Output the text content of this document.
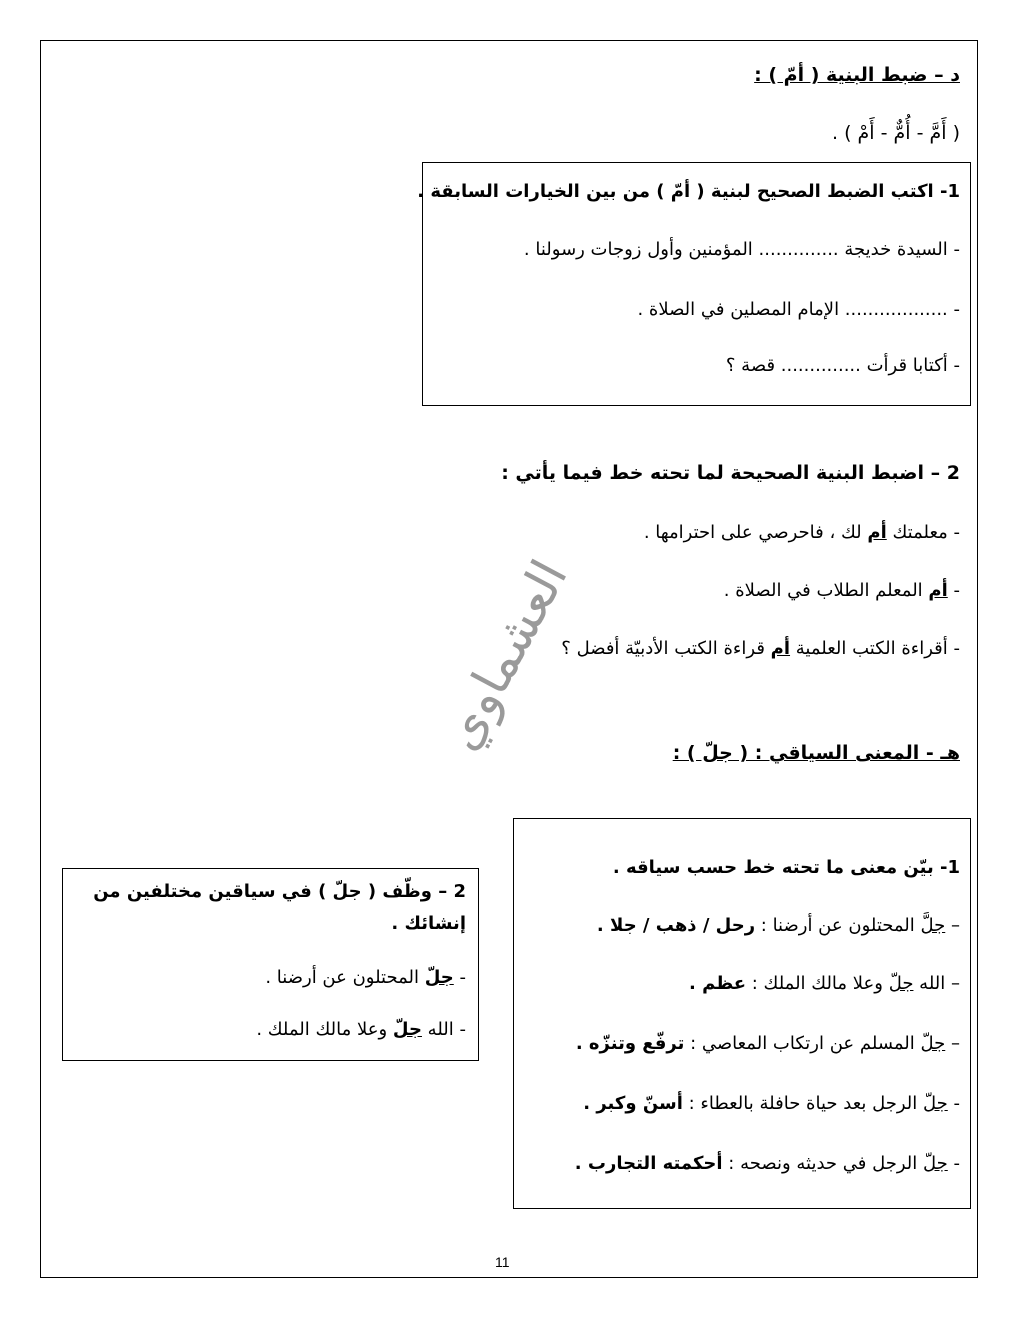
د – ضبط البنية ( أمّ ) :
( أَمَّ - أُمٌّ - أَمْ ) .
1- اكتب الضبط الصحيح لبنية ( أمّ ) من بين الخيارات السابقة .
- السيدة خديجة .............. المؤمنين وأول زوجات رسولنا .
- .................. الإمام المصلين في الصلاة .
- أكتابا قرأت .............. قصة ؟
2 – اضبط البنية الصحيحة لما تحته خط فيما يأتي :
- معلمتك أم لك ، فاحرصي على احترامها .
- أم المعلم الطلاب في الصلاة .
- أقراءة الكتب العلمية أم قراءة الكتب الأدبيّة أفضل ؟
العشماوي	هـ - المعنى السياقي : ( جلّ ) :
1- بيّن معنى ما تحته خط حسب سياقه .
– جلَّ المحتلون عن أرضنا : رحل / ذهب / جلا .
– الله جلّ وعلا مالك الملك : عظم .
– جلّ المسلم عن ارتكاب المعاصي : ترفّع وتنزّه .
- جلّ الرجل بعد حياة حافلة بالعطاء : أسنّ وكبر .
- جلّ الرجل في حديثه ونصحه : أحكمته التجارب .
2 – وظّف ( جلّ ) في سياقين مختلفين من
إنشائك .
- جلّ المحتلون عن أرضنا .
- الله جلّ وعلا مالك الملك .
11
